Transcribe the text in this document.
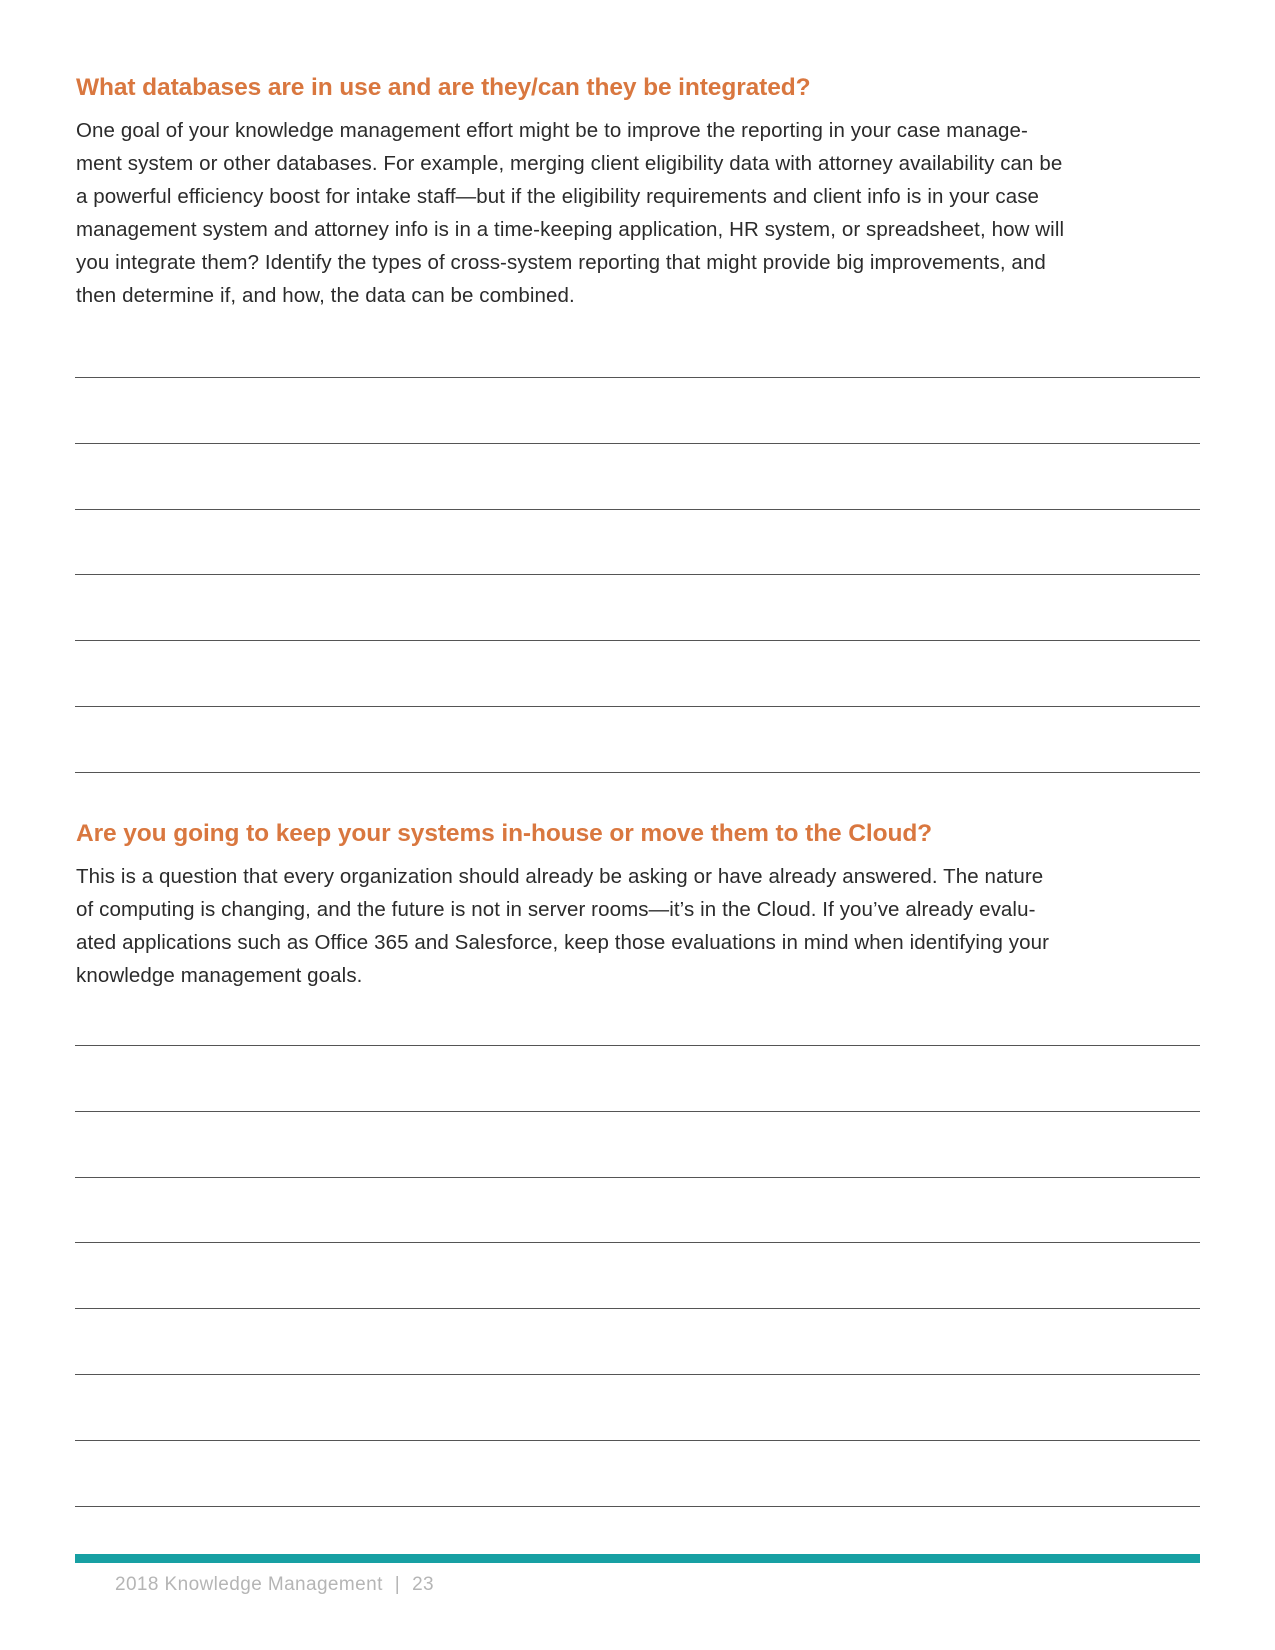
What databases are in use and are they/can they be integrated?

One goal of your knowledge management effort might be to improve the reporting in your case manage-
ment system or other databases. For example, merging client eligibility data with attorney availability can be
a powerful efficiency boost for intake staff—but if the eligibility requirements and client info is in your case
management system and attorney info is in a time-keeping application, HR system, or spreadsheet, how will
you integrate them? Identify the types of cross-system reporting that might provide big improvements, and
then determine if, and how, the data can be combined.

Are you going to keep your systems in-house or move them to the Cloud?

This is a question that every organization should already be asking or have already answered. The nature
of computing is changing, and the future is not in server rooms—it’s in the Cloud. If you’ve already evalu-
ated applications such as Office 365 and Salesforce, keep those evaluations in mind when identifying your
knowledge management goals.

2018 Knowledge Management | 23
